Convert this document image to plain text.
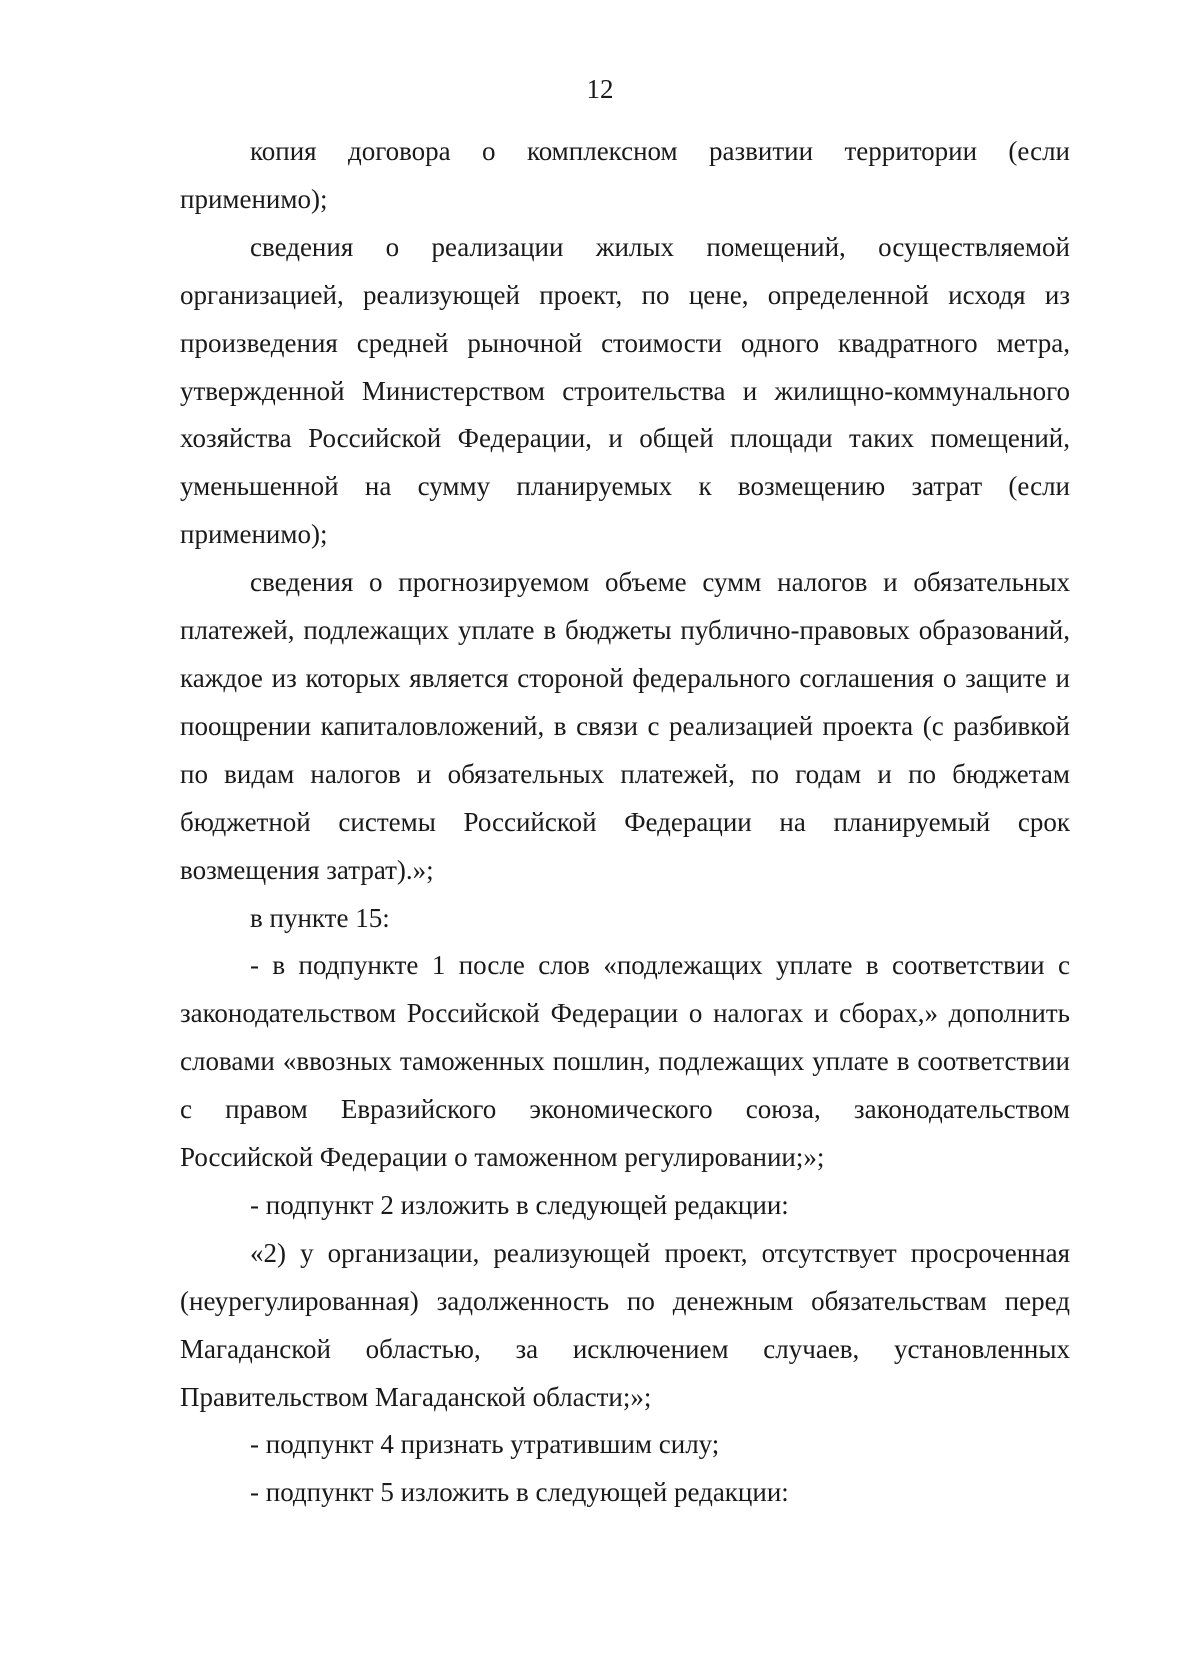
12

копия договора о комплексном развитии территории (если применимо);

сведения о реализации жилых помещений, осуществляемой организацией, реализующей проект, по цене, определенной исходя из произведения средней рыночной стоимости одного квадратного метра, утвержденной Министерством строительства и жилищно-коммунального хозяйства Российской Федерации, и общей площади таких помещений, уменьшенной на сумму планируемых к возмещению затрат (если применимо);

сведения о прогнозируемом объеме сумм налогов и обязательных платежей, подлежащих уплате в бюджеты публично-правовых образований, каждое из которых является стороной федерального соглашения о защите и поощрении капиталовложений, в связи с реализацией проекта (с разбивкой по видам налогов и обязательных платежей, по годам и по бюджетам бюджетной системы Российской Федерации на планируемый срок возмещения затрат).»;

в пункте 15:

- в подпункте 1 после слов «подлежащих уплате в соответствии с законодательством Российской Федерации о налогах и сборах,» дополнить словами «ввозных таможенных пошлин, подлежащих уплате в соответствии с правом Евразийского экономического союза, законодательством Российской Федерации о таможенном регулировании;»;

- подпункт 2 изложить в следующей редакции:

«2) у организации, реализующей проект, отсутствует просроченная (неурегулированная) задолженность по денежным обязательствам перед Магаданской областью, за исключением случаев, установленных Правительством Магаданской области;»;

- подпункт 4 признать утратившим силу;

- подпункт 5 изложить в следующей редакции:
